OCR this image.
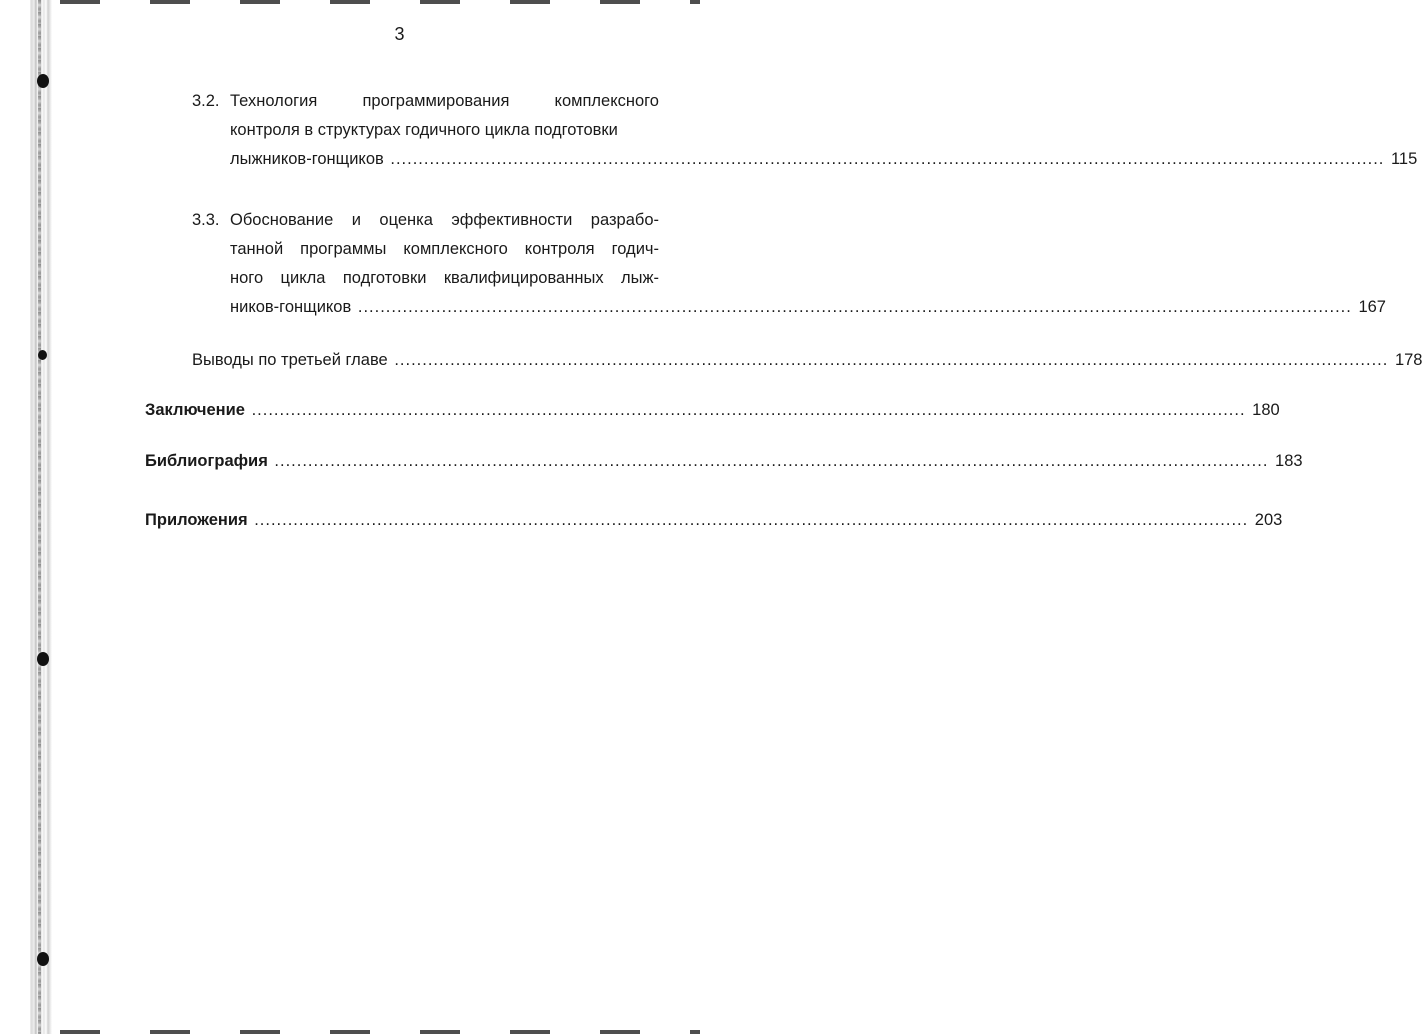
3
3.2. Технология программирования комплексного
контроля в структурах годичного цикла подготовки
лыжников-гонщиков .....	115
3.3. Обоснование и оценка эффективности разрабо-
танной программы комплексного контроля годич-
ного цикла подготовки квалифицированных лыж-
ников-гонщиков .....	167
Выводы по третьей главе .....	178
Заключение .....	180
Библиография .....	183
Приложения .....	203
